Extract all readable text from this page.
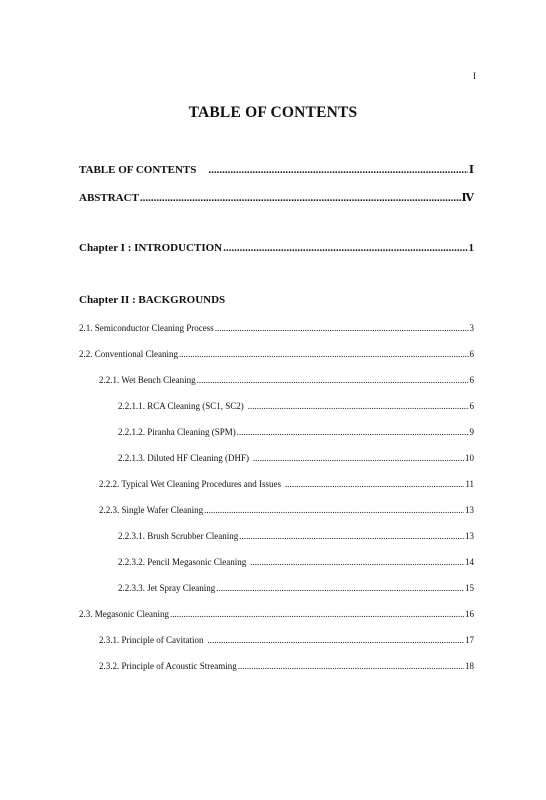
I
TABLE OF CONTENTS
TABLE OF CONTENTS .....	Ⅰ
ABSTRACT .....	Ⅳ
Chapter I : INTRODUCTION .....	1
Chapter II : BACKGROUNDS
2.1. Semiconductor Cleaning Process .....	3
2.2. Conventional Cleaning .....	6
2.2.1. Wet Bench Cleaning .....	6
2.2.1.1. RCA Cleaning (SC1, SC2) .....	6
2.2.1.2. Piranha Cleaning (SPM) .....	9
2.2.1.3. Diluted HF Cleaning (DHF) .....	10
2.2.2. Typical Wet Cleaning Procedures and Issues .....	11
2.2.3. Single Wafer Cleaning .....	13
2.2.3.1. Brush Scrubber Cleaning .....	13
2.2.3.2. Pencil Megasonic Cleaning .....	14
2.2.3.3. Jet Spray Cleaning .....	15
2.3. Megasonic Cleaning .....	16
2.3.1. Principle of Cavitation .....	17
2.3.2. Principle of Acoustic Streaming .....	18
